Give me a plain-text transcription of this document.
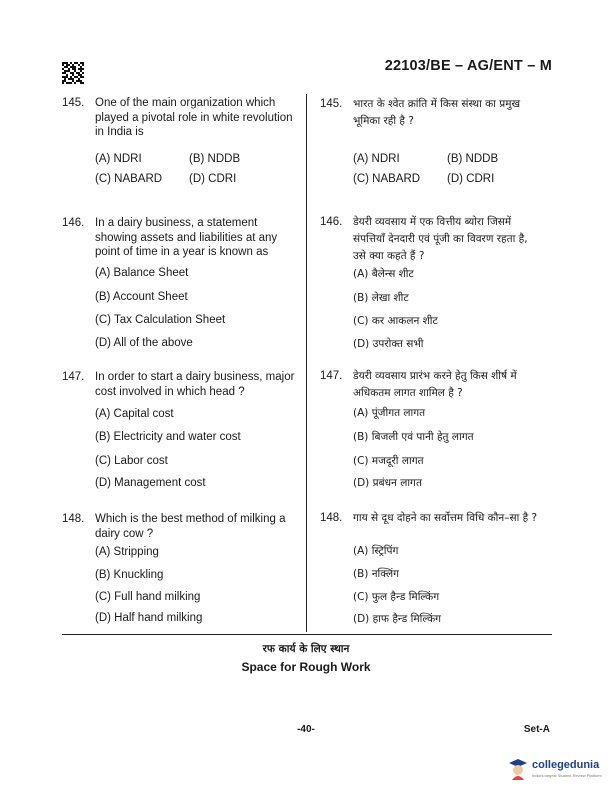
22103/BE – AG/ENT – M
145. One of the main organization which
played a pivotal role in white revolution
in India is
(A) NDRI	(B) NDDB
(C) NABARD (D) CDRI
146. In a dairy business, a statement
showing assets and liabilities at any
point of time in a year is known as
(A) Balance Sheet
(B) Account Sheet
(C) Tax Calculation Sheet
(D) All of the above
147. In order to start a dairy business, major
cost involved in which head ?
(A) Capital cost
(B) Electricity and water cost
(C) Labor cost
(D) Management cost
148. Which is the best method of milking a
dairy cow ?
(A) Stripping
(B) Knuckling
(C) Full hand milking
(D) Half hand milking
145.	भारत के श्वेत क्रांति में किस संस्था का प्रमुख
भूमिका रही है ?
(A) NDRI	(B) NDDB
(C) NABARD (D) CDRI
146.	डेयरी व्यवसाय में एक वित्तीय ब्योरा जिसमें
संपत्तियाँ देनदारी एवं पूंजी का विवरण रहता है,
उसे क्या कहते हैं ?
(A) बैलेन्स शीट
(B) लेखा शीट
(C) कर आकलन शीट
(D) उपरोक्त सभी
147.	डेयरी व्यवसाय प्रारंभ करने हेतु किस शीर्ष में
अधिकतम लागत शामिल है ?
(A) पूंजीगत लागत
(B) बिजली एवं पानी हेतु लागत
(C) मजदूरी लागत
(D) प्रबंधन लागत
148.	गाय से दूध दोहने का सर्वोत्तम विधि कौन–सा है ?
(A) स्ट्रिपिंग
(B) नक्लिंग
(C) फुल हैन्ड मिल्किंग
(D) हाफ हैन्ड मिल्किंग
रफ कार्य के लिए स्थान
Space for Rough Work
-40-	Set-A
collegedunia
India's largest Student Review Platform
